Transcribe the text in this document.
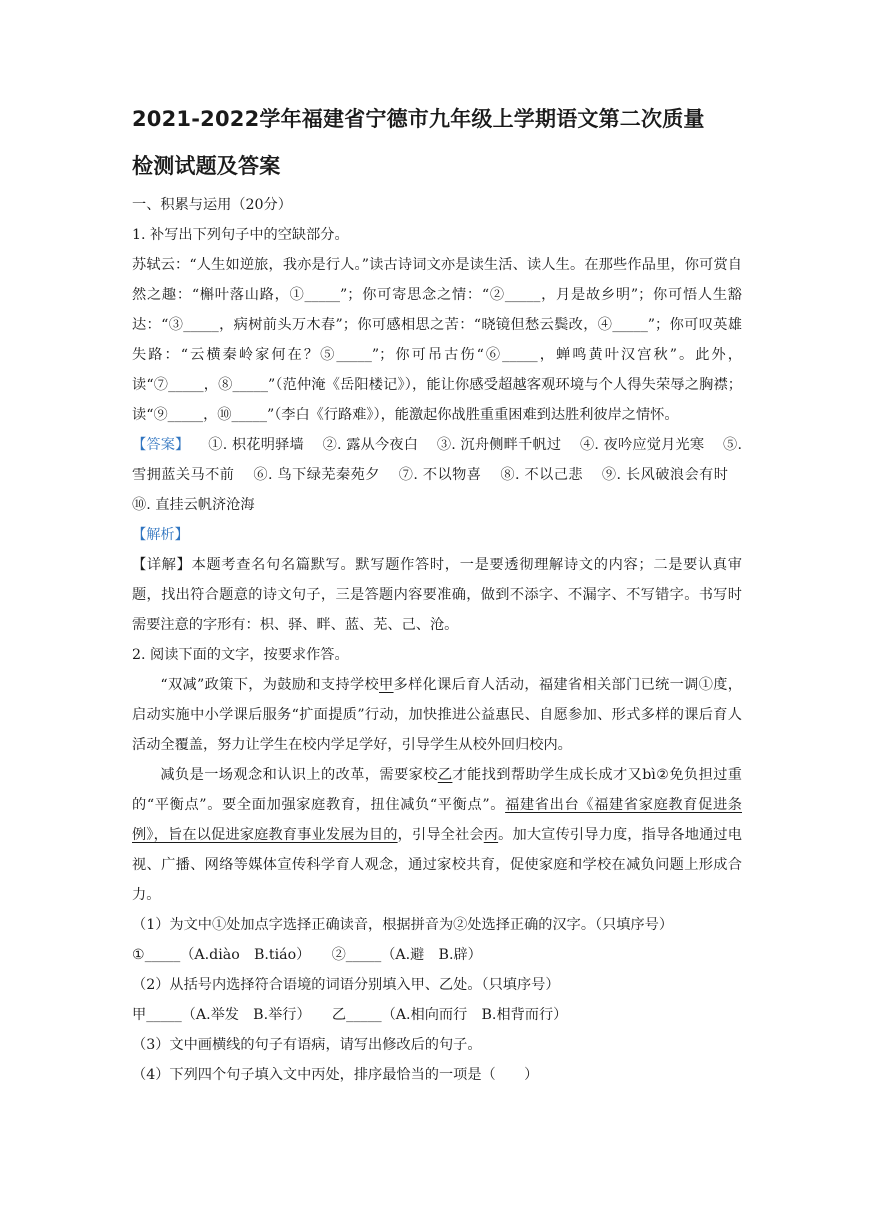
2021-2022学年福建省宁德市九年级上学期语文第二次质量

检测试题及答案

一、积累与运用（20分）

1. 补写出下列句子中的空缺部分。

苏轼云：“人生如逆旅，我亦是行人。”读古诗词文亦是读生活、读人生。在那些作品里，你可赏自然之趣：“槲叶落山路，①_____”；你可寄思念之情：“②_____，月是故乡明”；你可悟人生豁达：“③_____，病树前头万木春”；你可感相思之苦：“晓镜但愁云鬓改，④_____”；你可叹英雄失路：“云横秦岭家何在？⑤_____”；你可吊古伤“⑥_____，蝉鸣黄叶汉宫秋”。此外，读“⑦_____，⑧_____”（范仲淹《岳阳楼记》），能让你感受超越客观环境与个人得失荣辱之胸襟；读“⑨_____，⑩_____”（李白《行路难》），能激起你战胜重重困难到达胜利彼岸之情怀。

【答案】 ①. 枳花明驿墙 ②. 露从今夜白 ③. 沉舟侧畔千帆过 ④. 夜吟应觉月光寒 ⑤. 雪拥蓝关马不前 ⑥. 鸟下绿芜秦苑夕 ⑦. 不以物喜 ⑧. 不以己悲 ⑨. 长风破浪会有时 ⑩. 直挂云帆济沧海

【解析】

【详解】本题考查名句名篇默写。默写题作答时，一是要透彻理解诗文的内容；二是要认真审题，找出符合题意的诗文句子，三是答题内容要准确，做到不添字、不漏字、不写错字。书写时需要注意的字形有：枳、驿、畔、蓝、芜、己、沧。

2. 阅读下面的文字，按要求作答。

“双减”政策下，为鼓励和支持学校甲多样化课后育人活动，福建省相关部门已统一调 ·①度，启动实施中小学课后服务“扩面提质”行动，加快推进公益惠民、自愿参加、形式多样的课后育人活动全覆盖，努力让学生在校内学足学好，引导学生从校外回归校内。

减负是一场观念和认识上的改革，需要家校乙才能找到帮助学生成长成才又bì②免负担过重的“平衡点”。要全面加强家庭教育，扭住减负“平衡点”。福建省出台《福建省家庭教育促进条例》，旨在以促进家庭教育事业发展为目的，引导全社会丙。加大宣传引导力度，指导各地通过电视、广播、网络等媒体宣传科学育人观念，通过家校共育，促使家庭和学校在减负问题上形成合力。

（1）为文中①处加点字选择正确读音，根据拼音为②处选择正确的汉字。（只填序号）

①_____（A.diào　B.tiáo）　　②_____（A.避　B.辟）

（2）从括号内选择符合语境的词语分别填入甲、乙处。（只填序号）

甲_____（A.举发　B.举行）　　乙_____（A.相向而行　B.相背而行）

（3）文中画横线的句子有语病，请写出修改后的句子。

（4）下列四个句子填入文中丙处，排序最恰当的一项是（　　）
